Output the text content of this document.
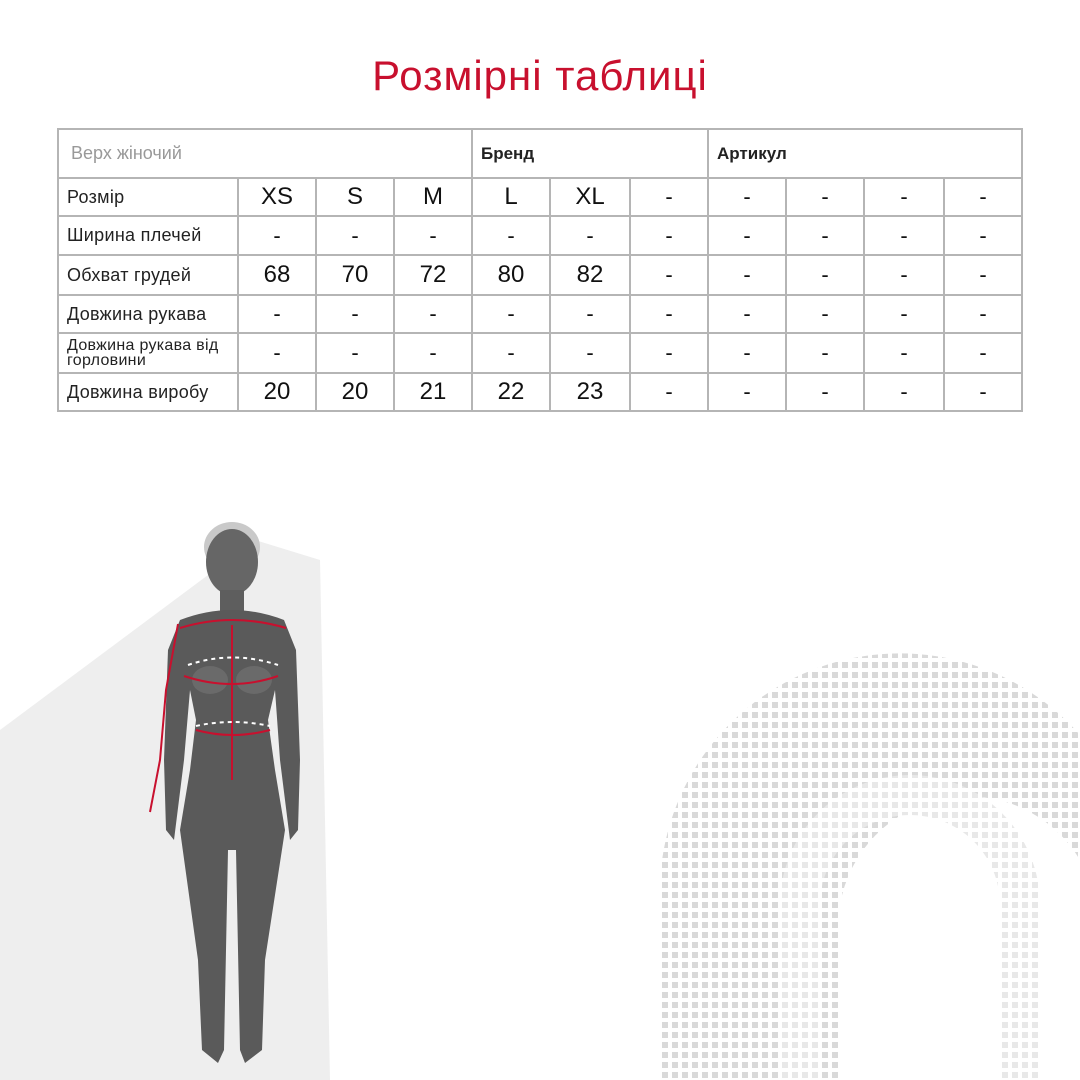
Розмірні таблиці
Верх жіночий				Бренд			Артикул			
Розмір	XS	S	M	L	XL	-	-	-	-	-
Ширина плечей	-	-	-	-	-	-	-	-	-	-
Обхват грудей	68	70	72	80	82	-	-	-	-	-
Довжина рукава	-	-	-	-	-	-	-	-	-	-
Довжина рукава від горловини	-	-	-	-	-	-	-	-	-	-
Довжина виробу	20	20	21	22	23	-	-	-	-	-
